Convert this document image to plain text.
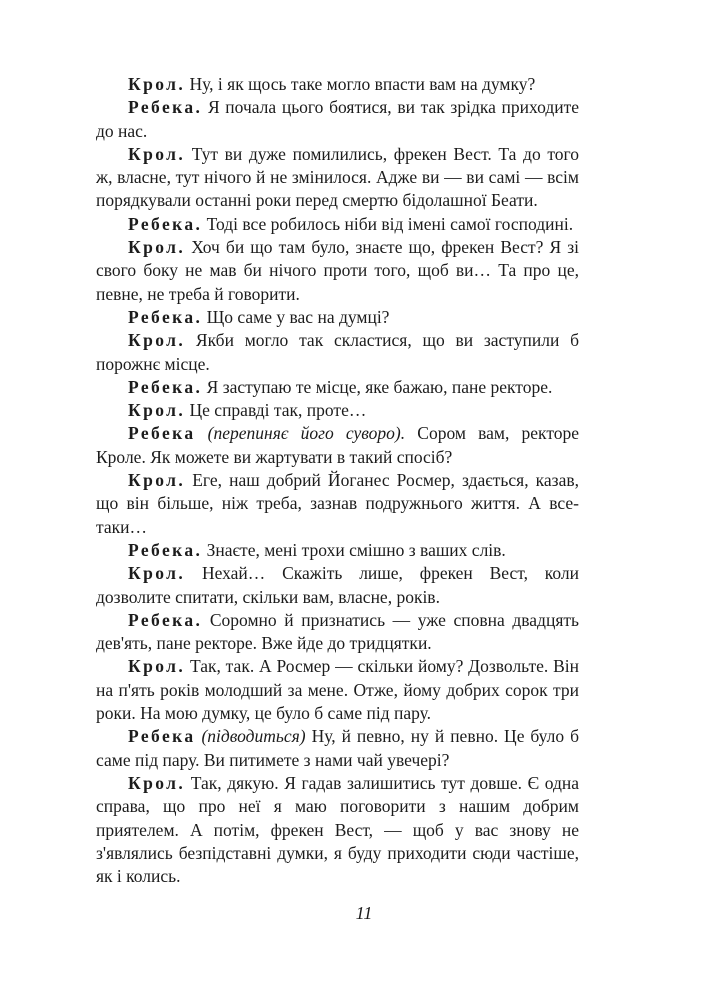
Крол. Ну, і як щось таке могло впасти вам на думку?

Ребека. Я почала цього боятися, ви так зрідка приходите до нас.

Крол. Тут ви дуже помилились, фрекен Вест. Та до того ж, власне, тут нічого й не змінилося. Адже ви — ви самі — всім порядкували останні роки перед смертю бідолашної Беати.

Ребека. Тоді все робилось ніби від імені самої господині.

Крол. Хоч би що там було, знаєте що, фрекен Вест? Я зі свого боку не мав би нічого проти того, щоб ви… Та про це, певне, не треба й говорити.

Ребека. Що саме у вас на думці?

Крол. Якби могло так скластися, що ви заступили б порожнє місце.

Ребека. Я заступаю те місце, яке бажаю, пане ректоре.

Крол. Це справді так, проте…

Ребека (перепиняє його суворо). Сором вам, ректоре Кроле. Як можете ви жартувати в такий спосіб?

Крол. Еге, наш добрий Йоганес Росмер, здається, казав, що він більше, ніж треба, зазнав подружнього життя. А все-таки…

Ребека. Знаєте, мені трохи смішно з ваших слів.

Крол. Нехай… Скажіть лише, фрекен Вест, коли дозволите спитати, скільки вам, власне, років.

Ребека. Соромно й признатись — уже сповна двадцять дев'ять, пане ректоре. Вже йде до тридцятки.

Крол. Так, так. А Росмер — скільки йому? Дозвольте. Він на п'ять років молодший за мене. Отже, йому добрих сорок три роки. На мою думку, це було б саме під пару.

Ребека (підводиться) Ну, й певно, ну й певно. Це було б саме під пару. Ви питимете з нами чай увечері?

Крол. Так, дякую. Я гадав залишитись тут довше. Є одна справа, що про неї я маю поговорити з нашим добрим приятелем. А потім, фрекен Вест, — щоб у вас знову не з'являлись безпідставні думки, я буду приходити сюди частіше, як і колись.

11
